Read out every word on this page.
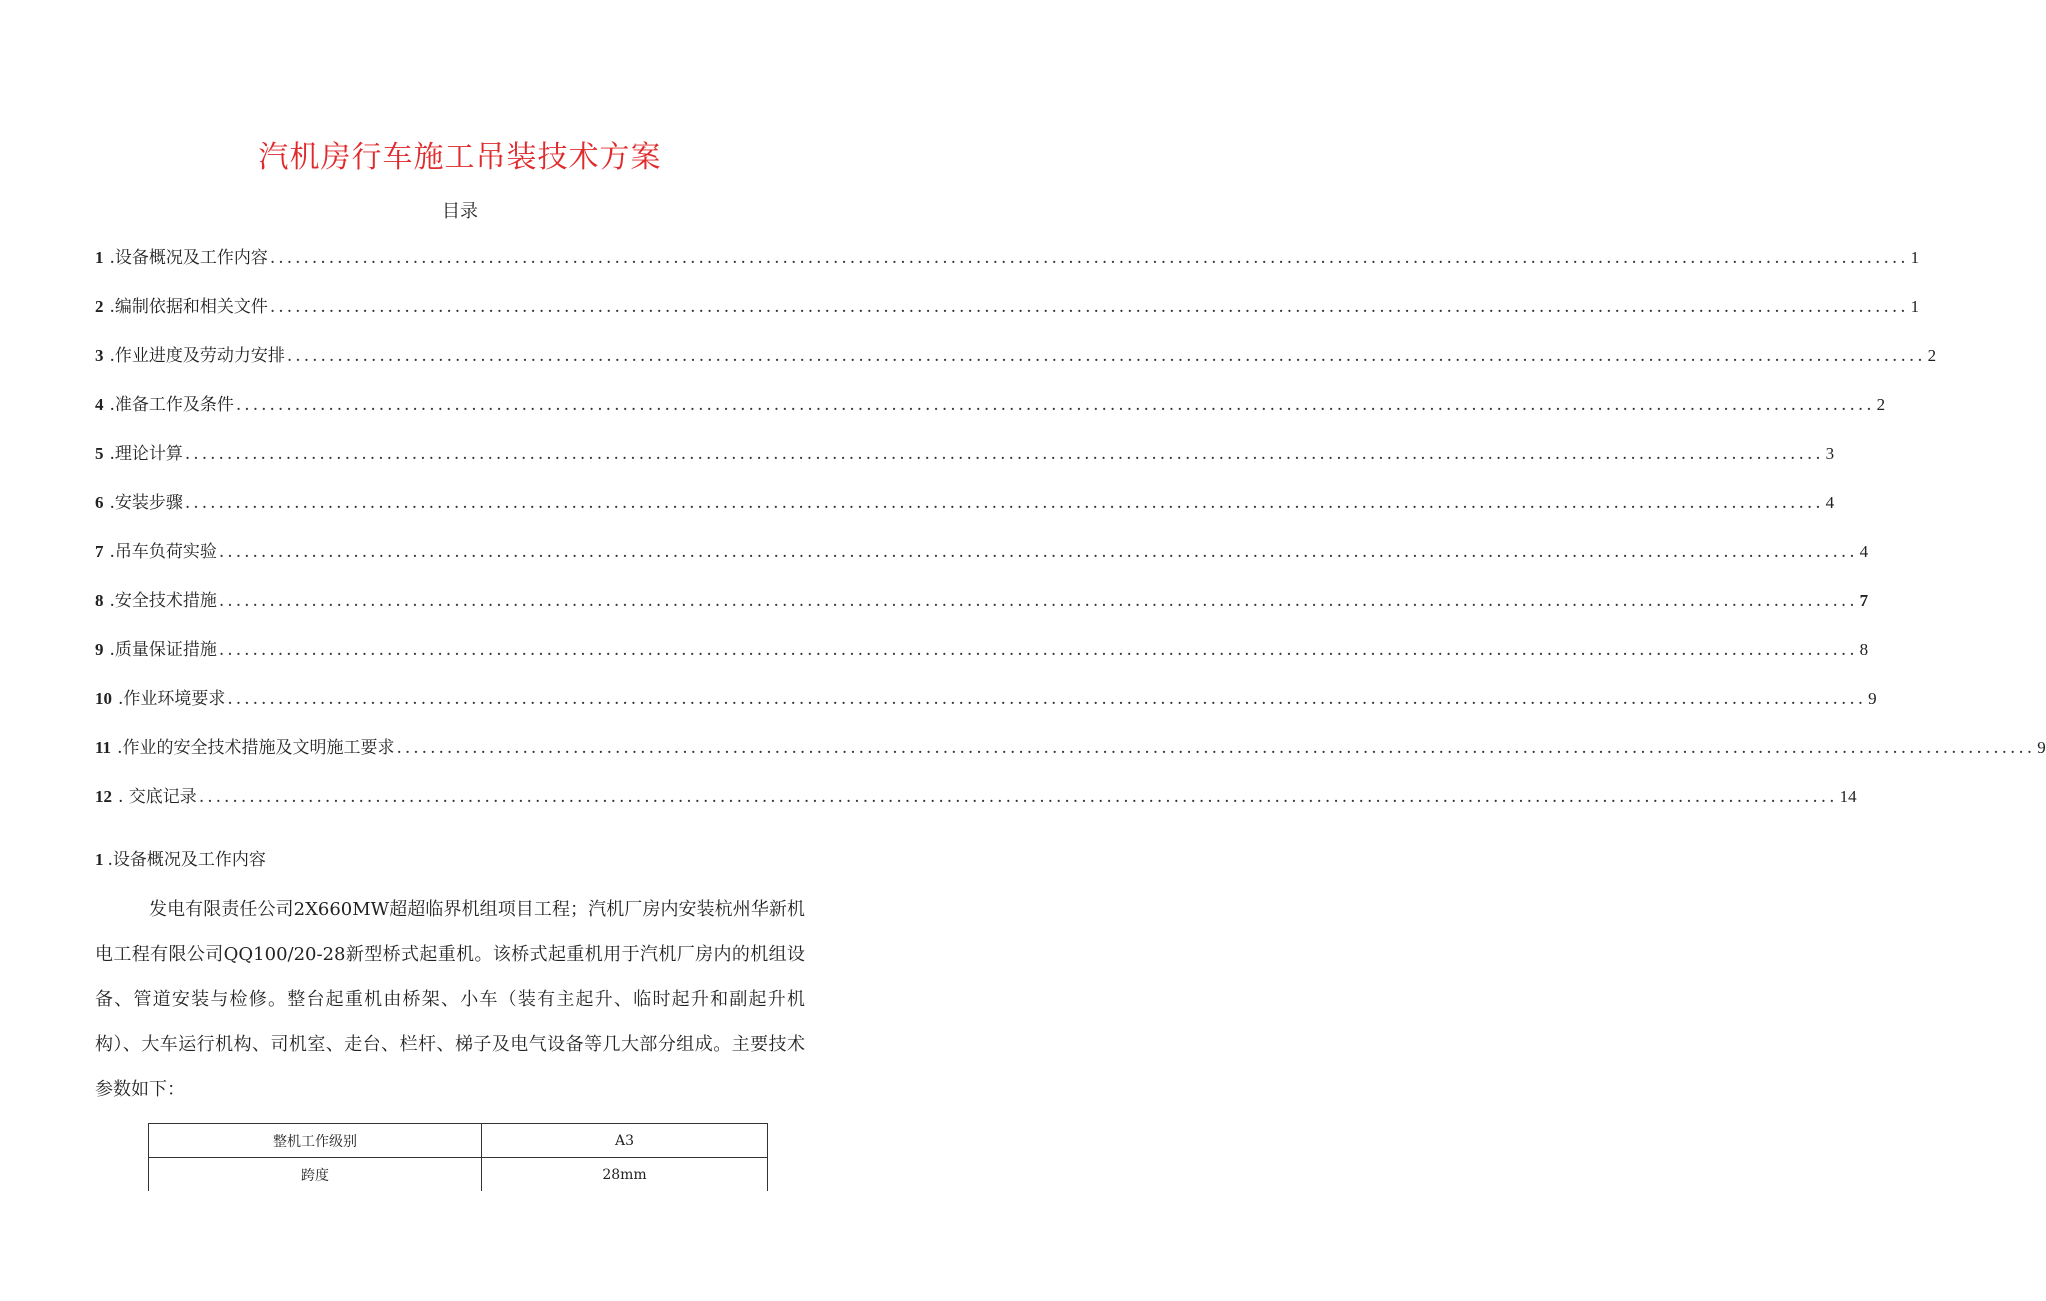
汽机房行车施工吊装技术方案
目录
1 .设备概况及工作内容 ................................................................................................................................................................................................... 1
2 .编制依据和相关文件 ................................................................................................................................................................................................... 1
3 .作业进度及劳动力安排 ................................................................................................................................................................................................... 2
4 .准备工作及条件 ................................................................................................................................................................................................... 2
5 .理论计算 ................................................................................................................................................................................................... 3
6 .安装步骤 ................................................................................................................................................................................................... 4
7 .吊车负荷实验 ................................................................................................................................................................................................... 4
8 .安全技术措施 ................................................................................................................................................................................................... 7
9 .质量保证措施 ................................................................................................................................................................................................... 8
10 .作业环境要求 ................................................................................................................................................................................................... 9
11 .作业的安全技术措施及文明施工要求 ................................................................................................................................................................................................... 9
12 . 交底记录 ................................................................................................................................................................................................... 14
1 .设备概况及工作内容
发电有限责任公司2X660MW超超临界机组项目工程；汽机厂房内安装杭州华新机电工程有限公司QQ100/20-28新型桥式起重机。该桥式起重机用于汽机厂房内的机组设备、管道安装与检修。整台起重机由桥架、小车（装有主起升、临时起升和副起升机构）、大车运行机构、司机室、走台、栏杆、梯子及电气设备等几大部分组成。主要技术参数如下：
整机工作级别	A3
跨度	28mm
